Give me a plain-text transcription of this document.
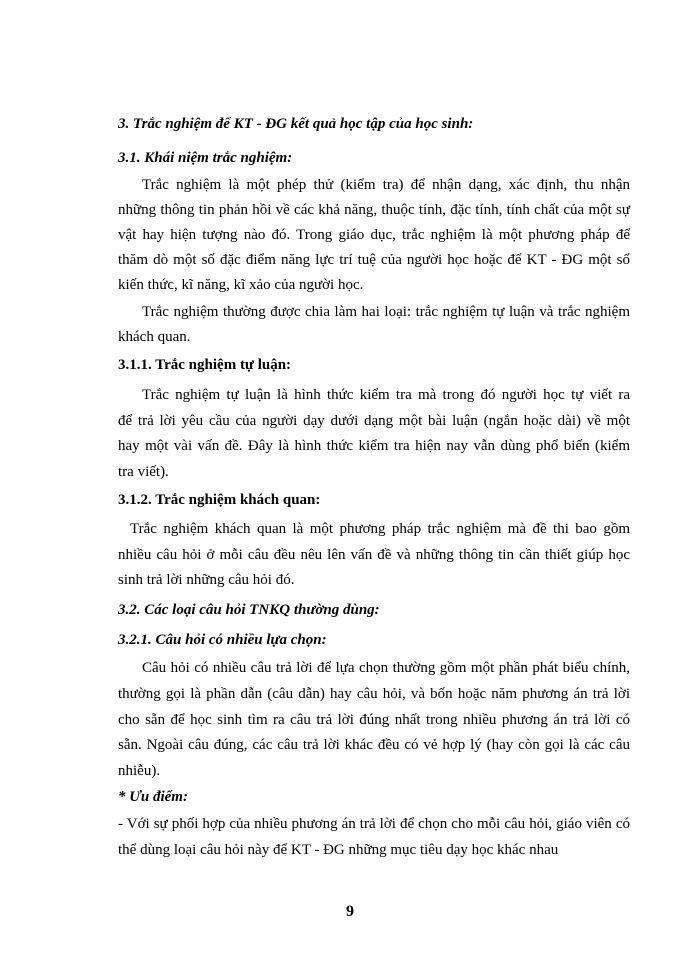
3. Trắc nghiệm để KT - ĐG kết quả học tập của học sinh:

3.1. Khái niệm trắc nghiệm:

Trắc nghiệm là một phép thử (kiểm tra) để nhận dạng, xác định, thu nhận

những thông tin phản hồi về các khả năng, thuộc tính, đặc tính, tính chất của một sự

vật hay hiện tượng nào đó. Trong giáo dục, trắc nghiệm là một phương pháp để

thăm dò một số đặc điểm năng lực trí tuệ của người học hoặc để KT - ĐG một số

kiến thức, kĩ năng, kĩ xảo của người học.

Trắc nghiệm thường được chia làm hai loại: trắc nghiệm tự luận và trắc nghiệm

khách quan.

3.1.1. Trắc nghiệm tự luận:

Trắc nghiệm tự luận là hình thức kiểm tra mà trong đó người học tự viết ra

để trả lời yêu cầu của người dạy dưới dạng một bài luận (ngắn hoặc dài) về một

hay một vài vấn đề. Đây là hình thức kiểm tra hiện nay vẫn dùng phổ biến (kiểm

tra viết).

3.1.2. Trắc nghiệm khách quan:

Trắc nghiệm khách quan là một phương pháp trắc nghiệm mà đề thi bao gồm

nhiều câu hỏi ở mỗi câu đều nêu lên vấn đề và những thông tin cần thiết giúp học

sinh trả lời những câu hỏi đó.

3.2. Các loại câu hỏi TNKQ thường dùng:

3.2.1. Câu hỏi có nhiều lựa chọn:

Câu hỏi có nhiều câu trả lời để lựa chọn thường gồm một phần phát biểu chính,

thường gọi là phần dẫn (câu dẫn) hay câu hỏi, và bốn hoặc năm phương án trả lời

cho sẵn để học sinh tìm ra câu trả lời đúng nhất trong nhiều phương án trả lời có

sẵn. Ngoài câu đúng, các câu trả lời khác đều có vẻ hợp lý (hay còn gọi là các câu

nhiễu).

* Ưu điểm:

- Với sự phối hợp của nhiều phương án trả lời để chọn cho mỗi câu hỏi, giáo viên có

thể dùng loại câu hỏi này để KT - ĐG những mục tiêu dạy học khác nhau

9
